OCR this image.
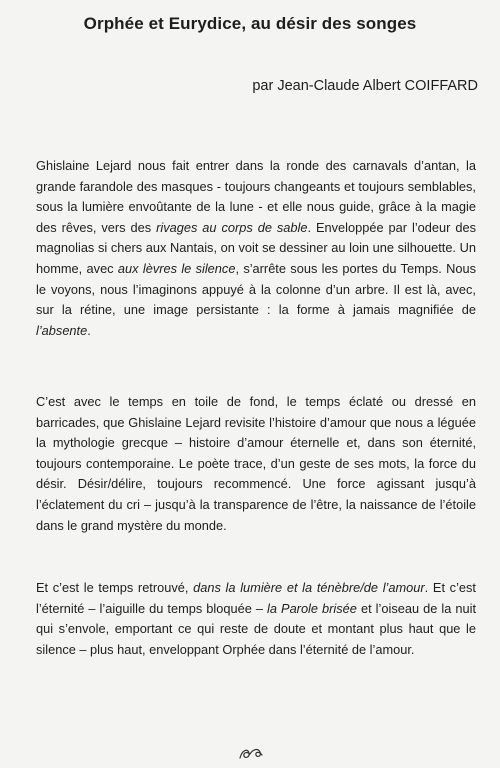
Orphée et Eurydice, au désir des songes

par Jean-Claude Albert COIFFARD

Ghislaine Lejard nous fait entrer dans la ronde des carnavals d’antan, la grande farandole des masques - toujours changeants et toujours semblables, sous la lumière envoûtante de la lune - et elle nous guide, grâce à la magie des rêves, vers des rivages au corps de sable. Enveloppée par l’odeur des magnolias si chers aux Nantais, on voit se dessiner au loin une silhouette. Un homme, avec aux lèvres le silence, s’arrête sous les portes du Temps. Nous le voyons, nous l’imaginons appuyé à la colonne d’un arbre. Il est là, avec, sur la rétine, une image persistante : la forme à jamais magnifiée de l’absente.

C’est avec le temps en toile de fond, le temps éclaté ou dressé en barricades, que Ghislaine Lejard revisite l’histoire d’amour que nous a léguée la mythologie grecque – histoire d’amour éternelle et, dans son éternité, toujours contemporaine. Le poète trace, d’un geste de ses mots, la force du désir. Désir/délire, toujours recommencé. Une force agissant jusqu’à l’éclatement du cri – jusqu’à la transparence de l’être, la naissance de l’étoile dans le grand mystère du monde.

Et c’est le temps retrouvé, dans la lumière et la ténèbre/de l’amour. Et c’est l’éternité – l’aiguille du temps bloquée – la Parole brisée et l’oiseau de la nuit qui s’envole, emportant ce qui reste de doute et montant plus haut que le silence – plus haut, enveloppant Orphée dans l’éternité de l’amour.
